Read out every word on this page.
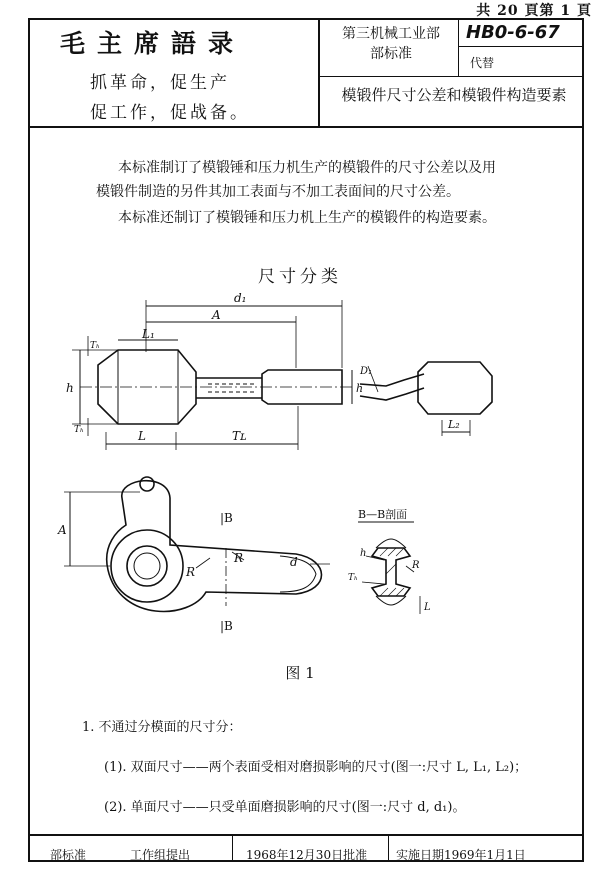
共 20 頁第 1 頁
毛主席語录
抓革命，促生产
促工作，促战备。
第三机械工业部
部标准
HB0-6-67
代替
模锻件尺寸公差和模锻件构造要素
本标准制订了模锻锤和压力机生产的模锻件的尺寸公差以及用
模锻件制造的另件其加工表面与不加工表面间的尺寸公差。
本标准还制订了模锻锤和压力机上生产的模锻件的构造要素。
尺寸分类
d₁
A
L₁
h
Tₕ
Tₕ
h
L	Tʟ
L₂
D₁
A
R
R	d
|B
|B
B—B剖面
h
R
Tₕ
L
图 1
1. 不通过分模面的尺寸分：
(1). 双面尺寸——两个表面受相对磨损影响的尺寸(图一:尺寸 L, L₁, L₂)；
(2). 单面尺寸——只受单面磨损影响的尺寸(图一:尺寸 d, d₁)。
部标准	工作组提出	1968年12月30日批准 实施日期1969年1月1日
